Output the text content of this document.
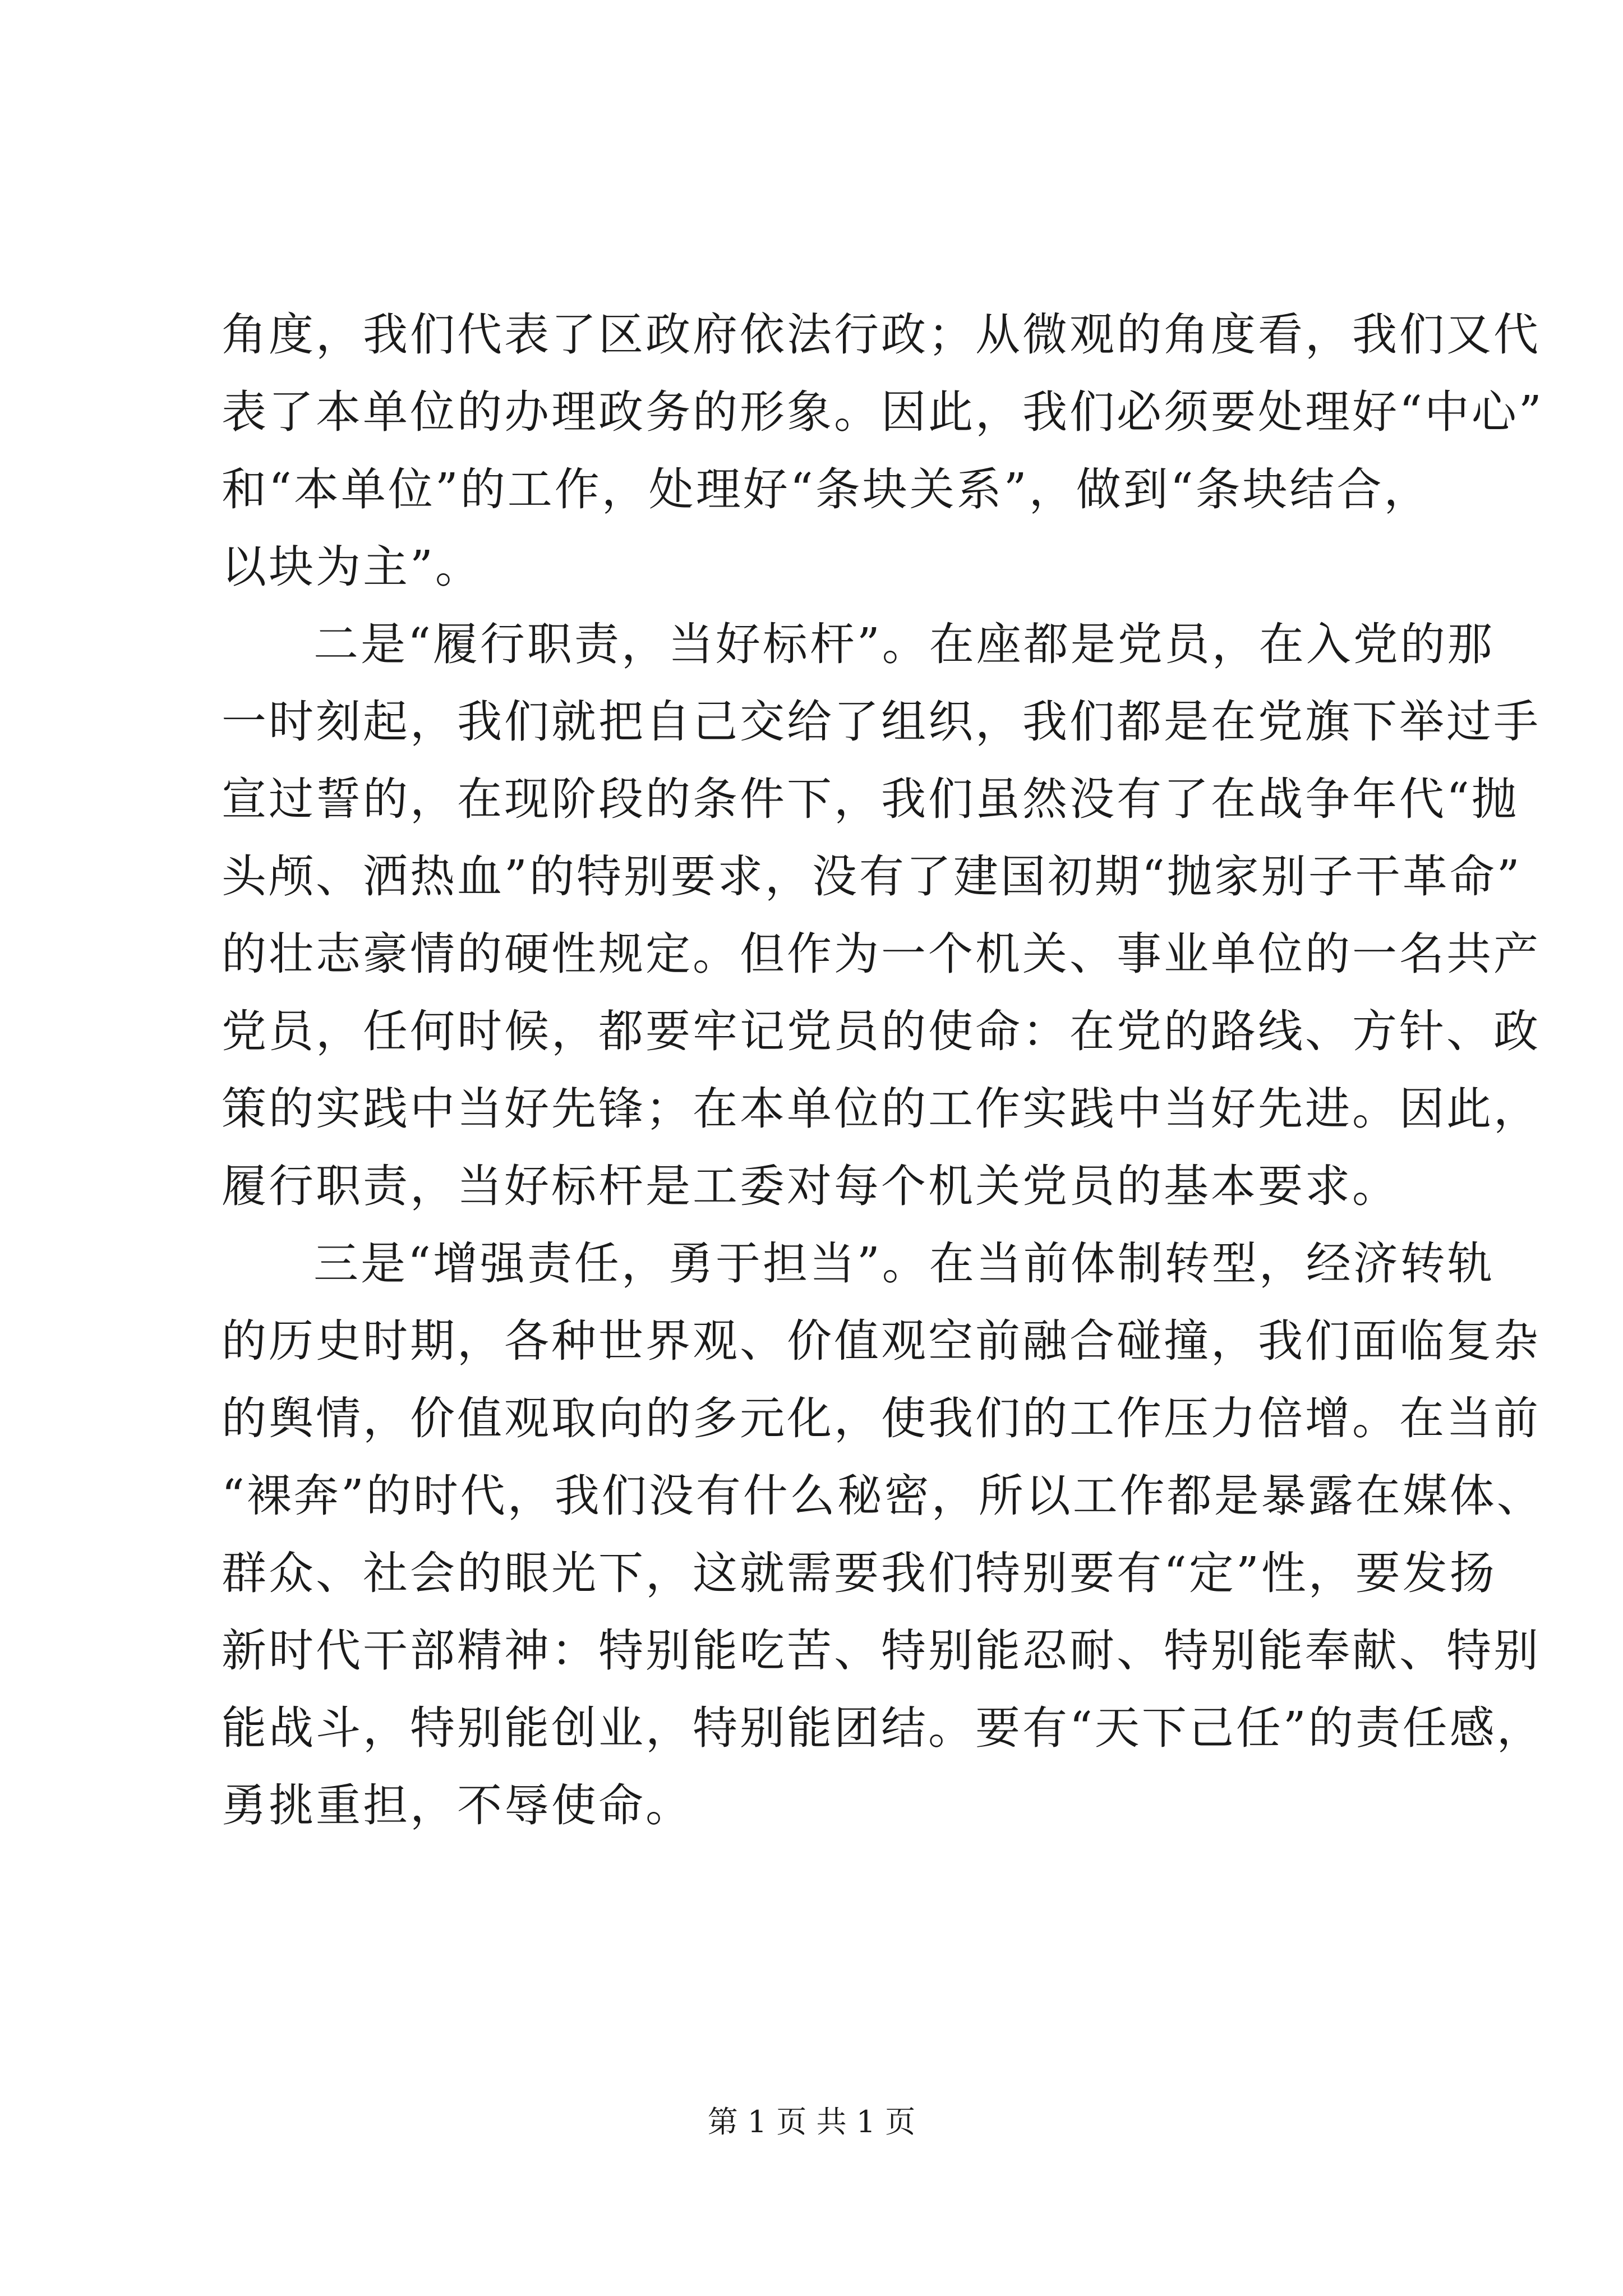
角度，我们代表了区政府依法行政；从微观的角度看，我们又代
表了本单位的办理政务的形象。因此，我们必须要处理好“中心”
和“本单位”的工作，处理好“条块关系”，做到“条块结合，
以块为主”。
二是“履行职责，当好标杆”。在座都是党员，在入党的那
一时刻起，我们就把自己交给了组织，我们都是在党旗下举过手
宣过誓的，在现阶段的条件下，我们虽然没有了在战争年代“抛
头颅、洒热血”的特别要求，没有了建国初期“抛家别子干革命”
的壮志豪情的硬性规定。但作为一个机关、事业单位的一名共产
党员，任何时候，都要牢记党员的使命：在党的路线、方针、政
策的实践中当好先锋；在本单位的工作实践中当好先进。因此，
履行职责，当好标杆是工委对每个机关党员的基本要求。
三是“增强责任，勇于担当”。在当前体制转型，经济转轨
的历史时期，各种世界观、价值观空前融合碰撞，我们面临复杂
的舆情，价值观取向的多元化，使我们的工作压力倍增。在当前
“裸奔”的时代，我们没有什么秘密，所以工作都是暴露在媒体、
群众、社会的眼光下，这就需要我们特别要有“定”性，要发扬
新时代干部精神：特别能吃苦、特别能忍耐、特别能奉献、特别
能战斗，特别能创业，特别能团结。要有“天下己任”的责任感，
勇挑重担，不辱使命。
第 1 页 共 1 页
